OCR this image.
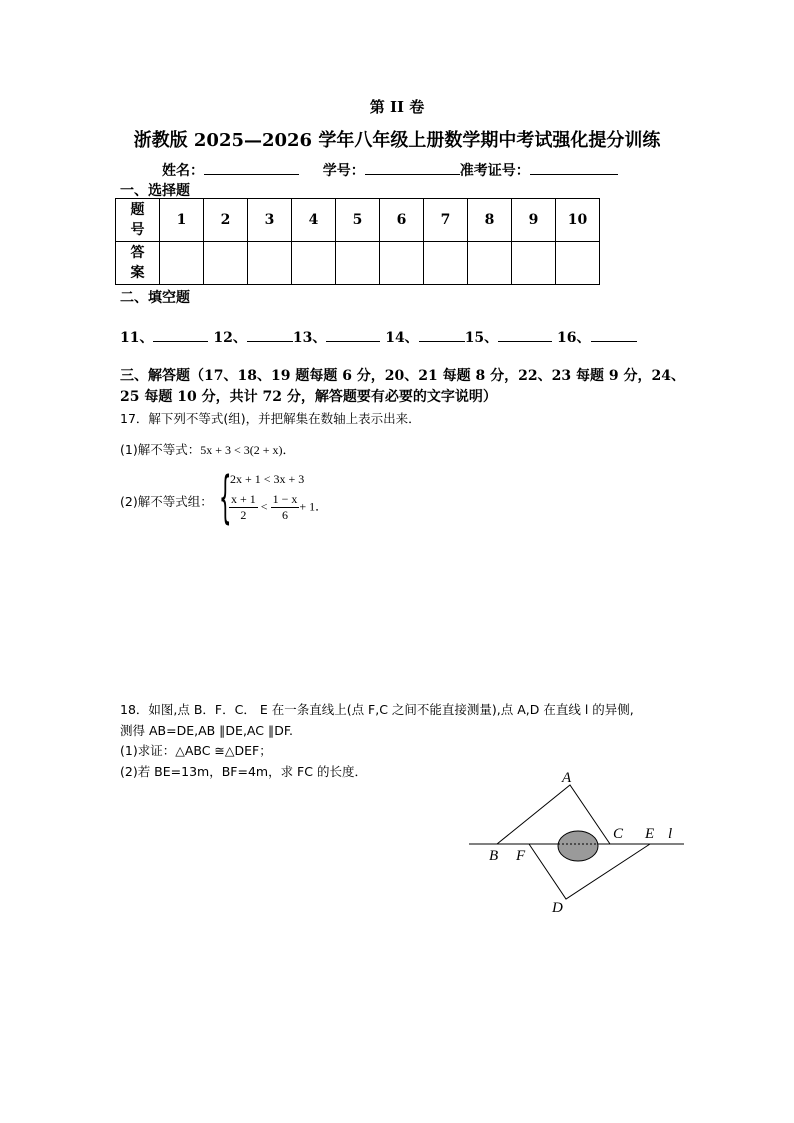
第 II 卷
浙教版 2025—2026 学年八年级上册数学期中考试强化提分训练
姓名：	学号：	准考证号：
一、选择题
题号	1	2	3	4	5	6	7	8	9	10
答案										
二、填空题
11、	12、	13、	14、	15、	16、
三、解答题（17、18、19 题每题 6 分，20、21 每题 8 分，22、23 每题 9 分，24、
25 每题 10 分，共计 72 分，解答题要有必要的文字说明）
17．解下列不等式(组)，并把解集在数轴上表示出来．
(1)解不等式：5x + 3 < 3(2 + x)．
(2)解不等式组： {
2x + 1 < 3x + 3
$\frac{x + 1}{2} < \frac{1 - x}{6} + 1$．
18．如图,点 B．F．C． E 在一条直线上(点 F,C 之间不能直接测量),点 A,D 在直线 l 的异侧,
测得 AB=DE,AB ∥DE,AC ∥DF.
(1)求证：△ABC ≅△DEF；
(2)若 BE=13m，BF=4m，求 FC 的长度．	A
B F
C E l
D
